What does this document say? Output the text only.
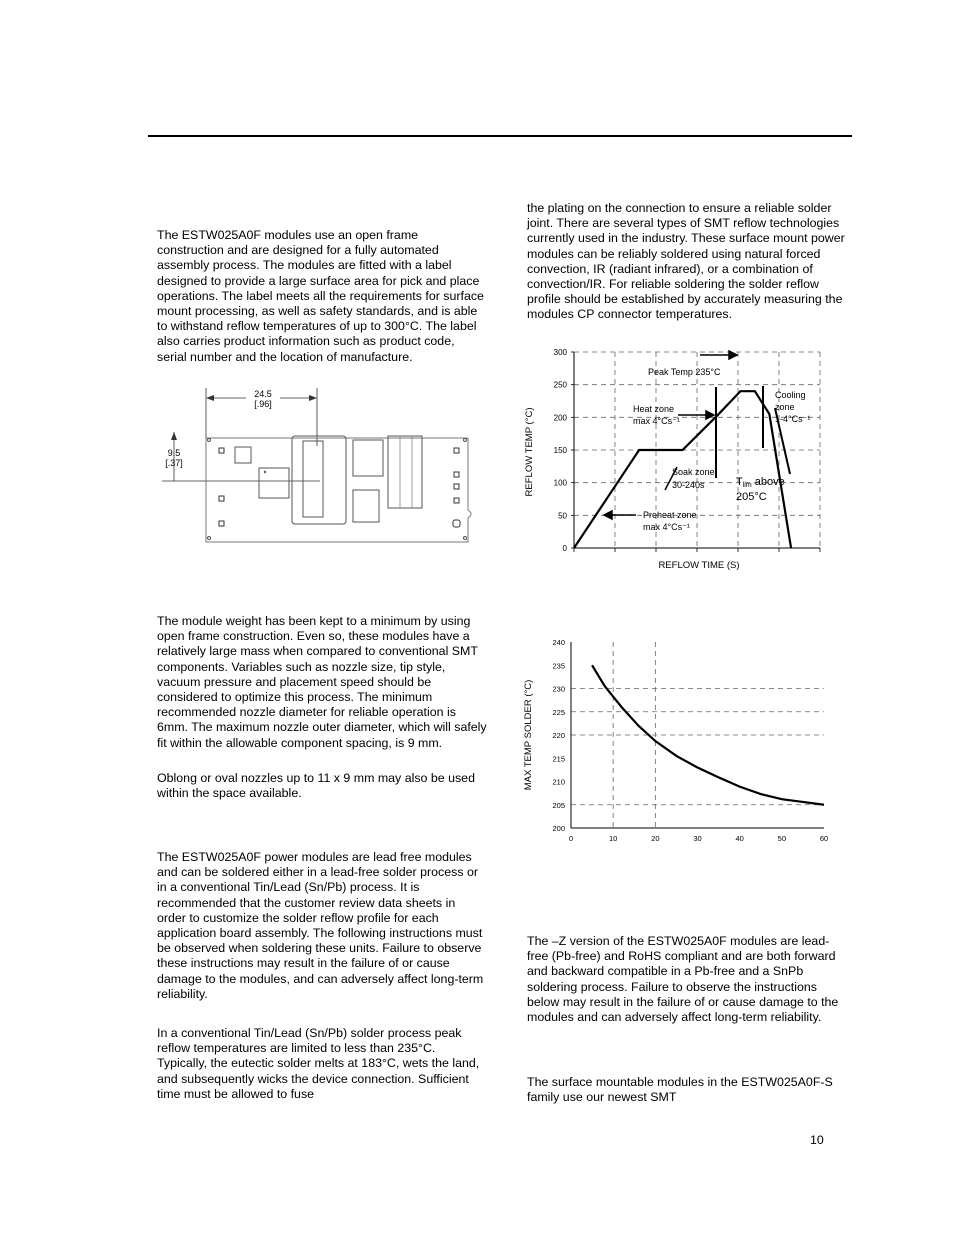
The ESTW025A0F modules use an open frame construction and are designed for a fully automated assembly process. The modules are fitted with a label designed to provide a large surface area for pick and place operations. The label meets all the requirements for surface mount processing, as well as safety standards, and is able to withstand reflow temperatures of up to 300°C. The label also carries product information such as product code, serial number and the location of manufacture.

24.5
[.96]
9.5
[.37]

The module weight has been kept to a minimum by using open frame construction. Even so, these modules have a relatively large mass when compared to conventional SMT components. Variables such as nozzle size, tip style, vacuum pressure and placement speed should be considered to optimize this process. The minimum recommended nozzle diameter for reliable operation is 6mm. The maximum nozzle outer diameter, which will safely fit within the allowable component spacing, is 9 mm.

Oblong or oval nozzles up to 11 x 9 mm may also be used within the space available.

The ESTW025A0F power modules are lead free modules and can be soldered either in a lead-free solder process or in a conventional Tin/Lead (Sn/Pb) process. It is recommended that the customer review data sheets in order to customize the solder reflow profile for each application board assembly. The following instructions must be observed when soldering these units. Failure to observe these instructions may result in the failure of or cause damage to the modules, and can adversely affect long-term reliability.

In a conventional Tin/Lead (Sn/Pb) solder process peak reflow temperatures are limited to less than 235°C. Typically, the eutectic solder melts at 183°C, wets the land, and subsequently wicks the device connection. Sufficient time must be allowed to fuse

the plating on the connection to ensure a reliable solder joint. There are several types of SMT reflow technologies currently used in the industry. These surface mount power modules can be reliably soldered using natural forced convection, IR (radiant infrared), or a combination of convection/IR. For reliable soldering the solder reflow profile should be established by accurately measuring the modules CP connector temperatures.

0
50
100
150
200
250
300
REFLOW TEMP (°C)
REFLOW TIME (S)
Peak Temp 235°C
Heat zone
max 4°Cs⁻¹
Cooling
zone
1-4°Cs⁻¹
Soak zone
30-240s	Tlim above
205°C
Preheat zone
max 4°Cs⁻¹
200
205
210
215
220
225
230
235
240
0	10	20	30	40	50	60
MAX TEMP SOLDER (°C)

The –Z version of the ESTW025A0F modules are lead-free (Pb-free) and RoHS compliant and are both forward and backward compatible in a Pb-free and a SnPb soldering process. Failure to observe the instructions below may result in the failure of or cause damage to the modules and can adversely affect long-term reliability.

The surface mountable modules in the ESTW025A0F-S family use our newest SMT

10
